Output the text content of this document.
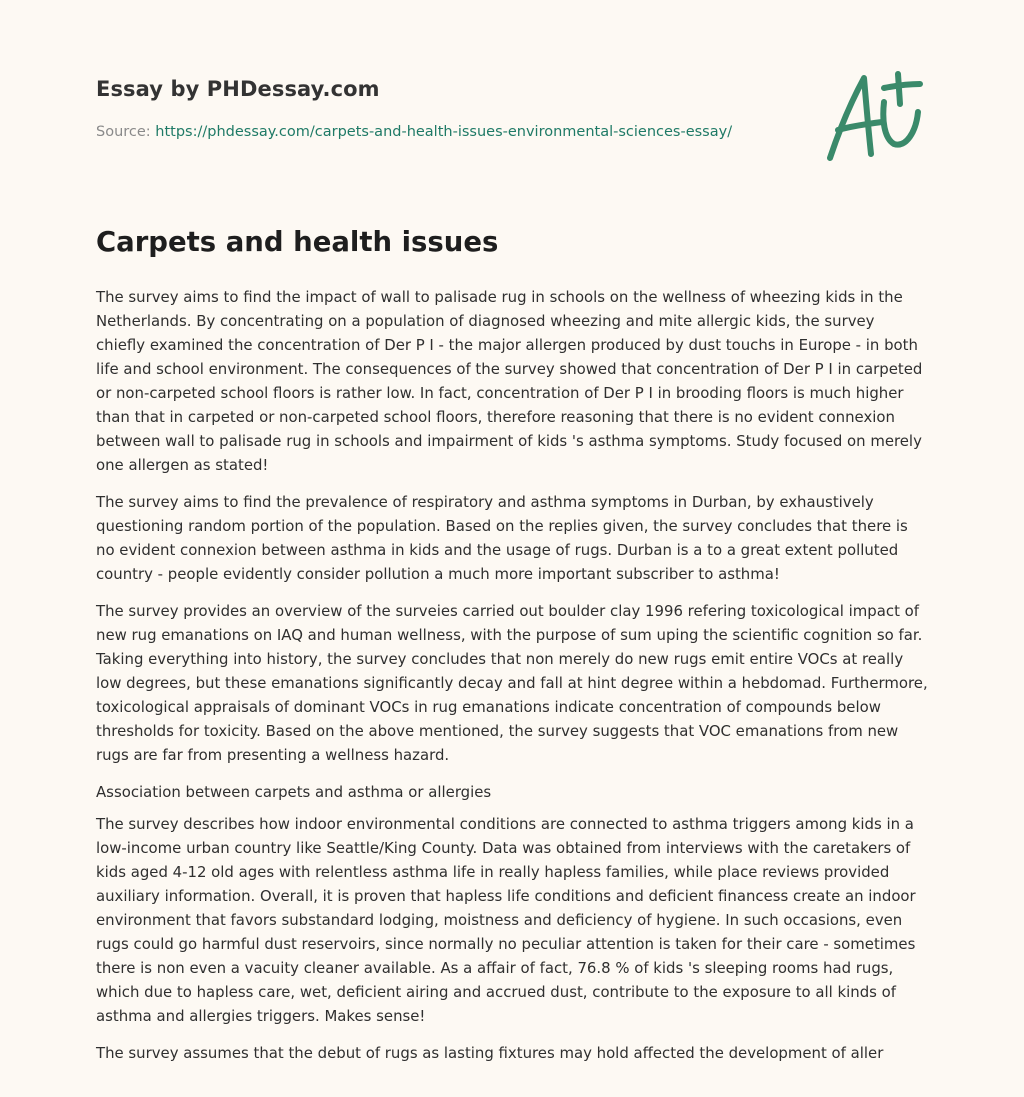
Essay by PHDessay.com

Source: https://phdessay.com/carpets-and-health-issues-environmental-sciences-essay/

Carpets and health issues

The survey aims to find the impact of wall to palisade rug in schools on the wellness of wheezing kids in the Netherlands. By concentrating on a population of diagnosed wheezing and mite allergic kids, the survey chiefly examined the concentration of Der P I - the major allergen produced by dust touchs in Europe - in both life and school environment. The consequences of the survey showed that concentration of Der P I in carpeted or non-carpeted school floors is rather low. In fact, concentration of Der P I in brooding floors is much higher than that in carpeted or non-carpeted school floors, therefore reasoning that there is no evident connexion between wall to palisade rug in schools and impairment of kids 's asthma symptoms. Study focused on merely one allergen as stated!

The survey aims to find the prevalence of respiratory and asthma symptoms in Durban, by exhaustively questioning random portion of the population. Based on the replies given, the survey concludes that there is no evident connexion between asthma in kids and the usage of rugs. Durban is a to a great extent polluted country - people evidently consider pollution a much more important subscriber to asthma!

The survey provides an overview of the surveies carried out boulder clay 1996 refering toxicological impact of new rug emanations on IAQ and human wellness, with the purpose of sum uping the scientific cognition so far. Taking everything into history, the survey concludes that non merely do new rugs emit entire VOCs at really low degrees, but these emanations significantly decay and fall at hint degree within a hebdomad. Furthermore, toxicological appraisals of dominant VOCs in rug emanations indicate concentration of compounds below thresholds for toxicity. Based on the above mentioned, the survey suggests that VOC emanations from new rugs are far from presenting a wellness hazard.

Association between carpets and asthma or allergies

The survey describes how indoor environmental conditions are connected to asthma triggers among kids in a low-income urban country like Seattle/King County. Data was obtained from interviews with the caretakers of kids aged 4-12 old ages with relentless asthma life in really hapless families, while place reviews provided auxiliary information. Overall, it is proven that hapless life conditions and deficient financess create an indoor environment that favors substandard lodging, moistness and deficiency of hygiene. In such occasions, even rugs could go harmful dust reservoirs, since normally no peculiar attention is taken for their care - sometimes there is non even a vacuity cleaner available. As a affair of fact, 76.8 % of kids 's sleeping rooms had rugs, which due to hapless care, wet, deficient airing and accrued dust, contribute to the exposure to all kinds of asthma and allergies triggers. Makes sense!

The survey assumes that the debut of rugs as lasting fixtures may hold affected the development of aller
